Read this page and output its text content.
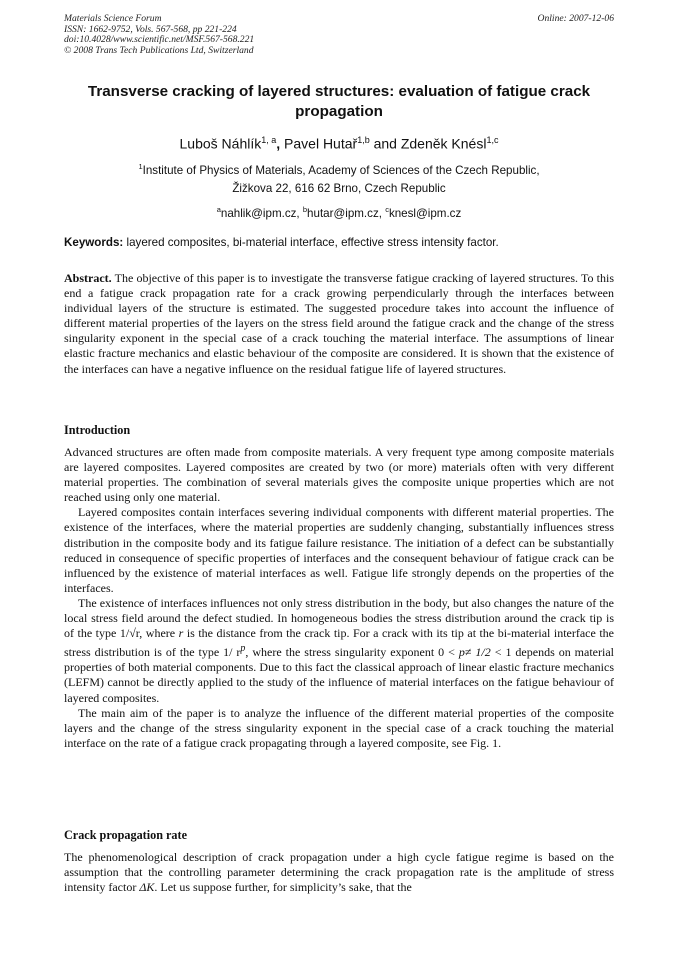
Materials Science Forum
ISSN: 1662-9752, Vols. 567-568, pp 221-224
doi:10.4028/www.scientific.net/MSF.567-568.221
© 2008 Trans Tech Publications Ltd, Switzerland
Online: 2007-12-06
Transverse cracking of layered structures: evaluation of fatigue crack propagation
Luboš Náhlík$^{1, a}$, Pavel Hutař$^{1,b}$ and Zdeněk Knésl$^{1,c}$
$^1$Institute of Physics of Materials, Academy of Sciences of the Czech Republic,
Žižkova 22, 616 62 Brno, Czech Republic
$^a$nahlik@ipm.cz, $^b$hutar@ipm.cz, $^c$knesl@ipm.cz
Keywords: layered composites, bi-material interface, effective stress intensity factor.

Abstract. The objective of this paper is to investigate the transverse fatigue cracking of layered structures. To this end a fatigue crack propagation rate for a crack growing perpendicularly through the interfaces between individual layers of the structure is estimated. The suggested procedure takes into account the influence of different material properties of the layers on the stress field around the fatigue crack and the change of the stress singularity exponent in the special case of a crack touching the material interface. The assumptions of linear elastic fracture mechanics and elastic behaviour of the composite are considered. It is shown that the existence of the interfaces can have a negative influence on the residual fatigue life of layered structures.

Introduction

Advanced structures are often made from composite materials. A very frequent type among composite materials are layered composites. Layered composites are created by two (or more) materials often with very different material properties. The combination of several materials gives the composite unique properties which are not reached using only one material.

Layered composites contain interfaces severing individual components with different material properties. The existence of the interfaces, where the material properties are suddenly changing, substantially influences stress distribution in the composite body and its fatigue failure resistance. The initiation of a defect can be substantially reduced in consequence of specific properties of interfaces and the consequent behaviour of fatigue crack can be influenced by the existence of material interfaces as well. Fatigue life strongly depends on the properties of the interfaces.

The existence of interfaces influences not only stress distribution in the body, but also changes the nature of the local stress field around the defect studied. In homogeneous bodies the stress distribution around the crack tip is of the type 1/√r, where r is the distance from the crack tip. For a crack with its tip at the bi-material interface the stress distribution is of the type 1/ $r^p$, where the stress singularity exponent 0 < p≠ 1/2 < 1 depends on material properties of both material components. Due to this fact the classical approach of linear elastic fracture mechanics (LEFM) cannot be directly applied to the study of the influence of material interfaces on the fatigue behaviour of layered composites.

The main aim of the paper is to analyze the influence of the different material properties of the composite layers and the change of the stress singularity exponent in the special case of a crack touching the material interface on the rate of a fatigue crack propagating through a layered composite, see Fig. 1.

Crack propagation rate

The phenomenological description of crack propagation under a high cycle fatigue regime is based on the assumption that the controlling parameter determining the crack propagation rate is the amplitude of stress intensity factor ΔK. Let us suppose further, for simplicity’s sake, that the
